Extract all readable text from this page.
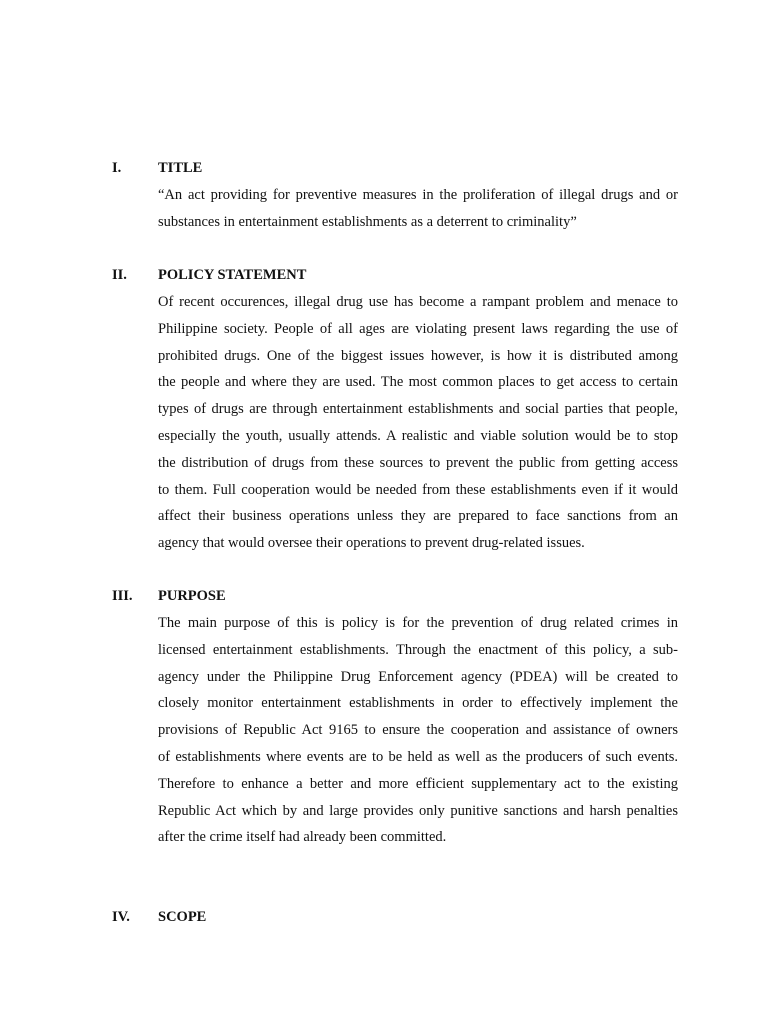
I.	TITLE
“An act providing for preventive measures in the proliferation of illegal drugs and or
substances in entertainment establishments as a deterrent to criminality”
II. POLICY STATEMENT
Of recent occurences, illegal drug use has become a rampant problem and menace to
Philippine society. People of all ages are violating present laws regarding the use of
prohibited drugs. One of the biggest issues however, is how it is distributed among
the people and where they are used. The most common places to get access to certain
types of drugs are through entertainment establishments and social parties that people,
especially the youth, usually attends. A realistic and viable solution would be to stop
the distribution of drugs from these sources to prevent the public from getting access
to them. Full cooperation would be needed from these establishments even if it would
affect their business operations unless they are prepared to face sanctions from an
agency that would oversee their operations to prevent drug-related issues.
III. PURPOSE
The main purpose of this is policy is for the prevention of drug related crimes in
licensed entertainment establishments. Through the enactment of this policy, a sub-
agency under the Philippine Drug Enforcement agency (PDEA) will be created to
closely monitor entertainment establishments in order to effectively implement the
provisions of Republic Act 9165 to ensure the cooperation and assistance of owners
of establishments where events are to be held as well as the producers of such events.
Therefore to enhance a better and more efficient supplementary act to the existing
Republic Act which by and large provides only punitive sanctions and harsh penalties
after the crime itself had already been committed.
IV. SCOPE
